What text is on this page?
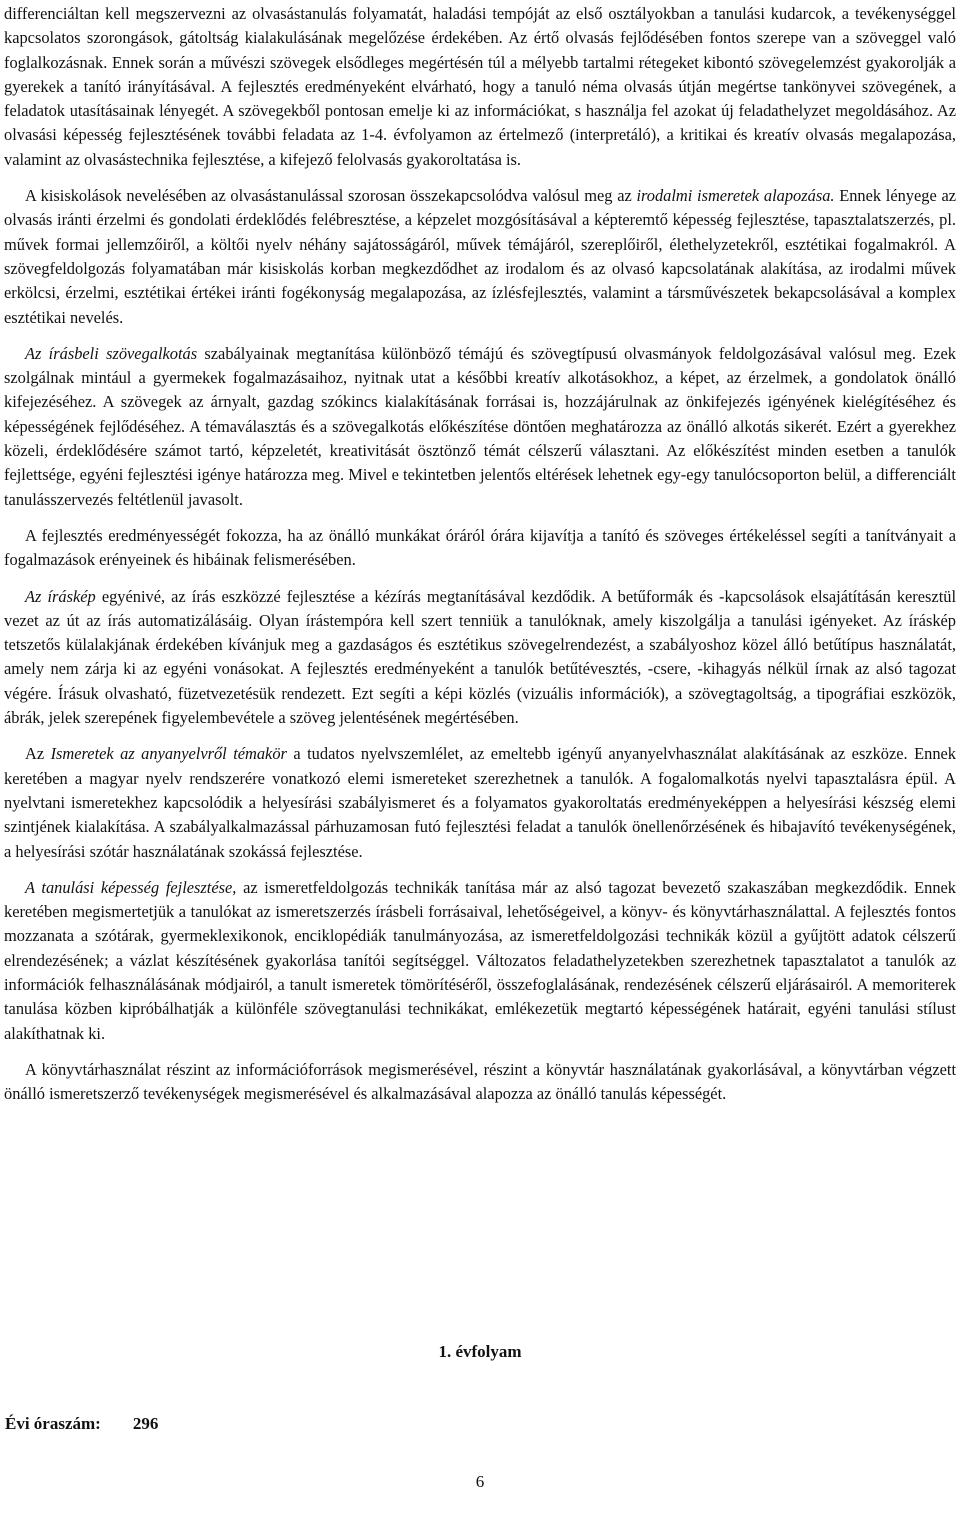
differenciáltan kell megszervezni az olvasástanulás folyamatát, haladási tempóját az első osztályokban a tanulási kudarcok, a tevékenységgel kapcsolatos szorongások, gátoltság kialakulásának megelőzése érdekében. Az értő olvasás fejlődésében fontos szerepe van a szöveggel való foglalkozásnak. Ennek során a művészi szövegek elsődleges megértésén túl a mélyebb tartalmi rétegeket kibontó szövegelemzést gyakorolják a gyerekek a tanító irányításával. A fejlesztés eredményeként elvárható, hogy a tanuló néma olvasás útján megértse tankönyvei szövegének, a feladatok utasításainak lényegét. A szövegekből pontosan emelje ki az információkat, s használja fel azokat új feladathelyzet megoldásához. Az olvasási képesség fejlesztésének további feladata az 1-4. évfolyamon az értelmező (interpretáló), a kritikai és kreatív olvasás megalapozása, valamint az olvasástechnika fejlesztése, a kifejező felolvasás gyakoroltatása is.

A kisiskolások nevelésében az olvasástanulással szorosan összekapcsolódva valósul meg az irodalmi ismeretek alapozása. Ennek lényege az olvasás iránti érzelmi és gondolati érdeklődés felébresztése, a képzelet mozgósításával a képteremtő képesség fejlesztése, tapasztalatszerzés, pl. művek formai jellemzőiről, a költői nyelv néhány sajátosságáról, művek témájáról, szereplőiről, élethelyzetekről, esztétikai fogalmakról. A szövegfeldolgozás folyamatában már kisiskolás korban megkezdődhet az irodalom és az olvasó kapcsolatának alakítása, az irodalmi művek erkölcsi, érzelmi, esztétikai értékei iránti fogékonyság megalapozása, az ízlésfejlesztés, valamint a társművészetek bekapcsolásával a komplex esztétikai nevelés.

Az írásbeli szövegalkotás szabályainak megtanítása különböző témájú és szövegtípusú olvasmányok feldolgozásával valósul meg. Ezek szolgálnak mintául a gyermekek fogalmazásaihoz, nyitnak utat a későbbi kreatív alkotásokhoz, a képet, az érzelmek, a gondolatok önálló kifejezéséhez. A szövegek az árnyalt, gazdag szókincs kialakításának forrásai is, hozzájárulnak az önkifejezés igényének kielégítéséhez és képességének fejlődéséhez. A témaválasztás és a szövegalkotás előkészítése döntően meghatározza az önálló alkotás sikerét. Ezért a gyerekhez közeli, érdeklődésére számot tartó, képzeletét, kreativitását ösztönző témát célszerű választani. Az előkészítést minden esetben a tanulók fejlettsége, egyéni fejlesztési igénye határozza meg. Mivel e tekintetben jelentős eltérések lehetnek egy-egy tanulócsoporton belül, a differenciált tanulásszervezés feltétlenül javasolt.

A fejlesztés eredményességét fokozza, ha az önálló munkákat óráról órára kijavítja a tanító és szöveges értékeléssel segíti a tanítványait a fogalmazások erényeinek és hibáinak felismerésében.

Az íráskép egyénivé, az írás eszközzé fejlesztése a kézírás megtanításával kezdődik. A betűformák és -kapcsolások elsajátításán keresztül vezet az út az írás automatizálásáig. Olyan írástempóra kell szert tenniük a tanulóknak, amely kiszolgálja a tanulási igényeket. Az íráskép tetszetős külalakjának érdekében kívánjuk meg a gazdaságos és esztétikus szövegelrendezést, a szabályoshoz közel álló betűtípus használatát, amely nem zárja ki az egyéni vonásokat. A fejlesztés eredményeként a tanulók betűtévesztés, -csere, -kihagyás nélkül írnak az alsó tagozat végére. Írásuk olvasható, füzetvezetésük rendezett. Ezt segíti a képi közlés (vizuális információk), a szövegtagoltság, a tipográfiai eszközök, ábrák, jelek szerepének figyelembevétele a szöveg jelentésének megértésében.

Az Ismeretek az anyanyelvről témakör a tudatos nyelvszemlélet, az emeltebb igényű anyanyelvhasználat alakításának az eszköze. Ennek keretében a magyar nyelv rendszerére vonatkozó elemi ismereteket szerezhetnek a tanulók. A fogalomalkotás nyelvi tapasztalásra épül. A nyelvtani ismeretekhez kapcsolódik a helyesírási szabályismeret és a folyamatos gyakoroltatás eredményeképpen a helyesírási készség elemi szintjének kialakítása. A szabályalkalmazással párhuzamosan futó fejlesztési feladat a tanulók önellenőrzésének és hibajavító tevékenységének, a helyesírási szótár használatának szokássá fejlesztése.

A tanulási képesség fejlesztése, az ismeretfeldolgozás technikák tanítása már az alsó tagozat bevezető szakaszában megkezdődik. Ennek keretében megismertetjük a tanulókat az ismeretszerzés írásbeli forrásaival, lehetőségeivel, a könyv- és könyvtárhasználattal. A fejlesztés fontos mozzanata a szótárak, gyermeklexikonok, enciklopédiák tanulmányozása, az ismeretfeldolgozási technikák közül a gyűjtött adatok célszerű elrendezésének; a vázlat készítésének gyakorlása tanítói segítséggel. Változatos feladathelyzetekben szerezhetnek tapasztalatot a tanulók az információk felhasználásának módjairól, a tanult ismeretek tömörítéséről, összefoglalásának, rendezésének célszerű eljárásairól. A memoriterek tanulása közben kipróbálhatják a különféle szövegtanulási technikákat, emlékezetük megtartó képességének határait, egyéni tanulási stílust alakíthatnak ki.

A könyvtárhasználat részint az információforrások megismerésével, részint a könyvtár használatának gyakorlásával, a könyvtárban végzett önálló ismeretszerző tevékenységek megismerésével és alkalmazásával alapozza az önálló tanulás képességét.

1. évfolyam
Évi óraszám: 296
6
